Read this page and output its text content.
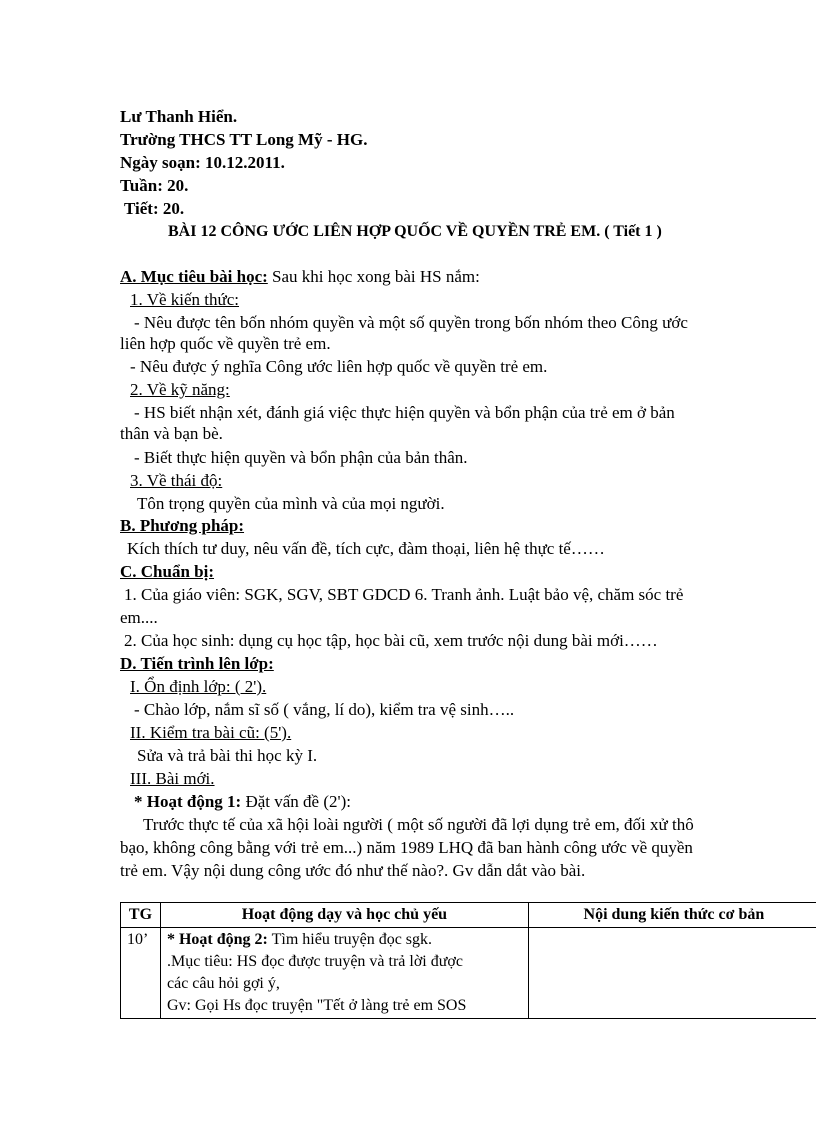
Lư Thanh Hiển.
Trường THCS TT Long Mỹ - HG.
Ngày soạn: 10.12.2011.
Tuần: 20.
Tiết: 20.
BÀI 12 CÔNG ƯỚC LIÊN HỢP QUỐC VỀ QUYỀN TRẺ EM. ( Tiết 1 )
A. Mục tiêu bài học: Sau khi học xong bài HS nắm:
1. Về kiến thức:
- Nêu được tên bốn nhóm quyền và một số quyền trong bốn nhóm theo Công ước
liên hợp quốc về quyền trẻ em.
- Nêu được ý nghĩa Công ước liên hợp quốc về quyền trẻ em.
2. Về kỹ năng:
- HS biết nhận xét, đánh giá việc thực hiện quyền và bổn phận của trẻ em ở bản
thân và bạn bè.
- Biết thực hiện quyền và bổn phận của bản thân.
3. Về thái độ:
Tôn trọng quyền của mình và của mọi người.
B. Phương pháp:
Kích thích tư duy, nêu vấn đề, tích cực, đàm thoại, liên hệ thực tế……
C. Chuẩn bị:
1. Của giáo viên: SGK, SGV, SBT GDCD 6. Tranh ảnh. Luật bảo vệ, chăm sóc trẻ
em....
2. Của học sinh: dụng cụ học tập, học bài cũ, xem trước nội dung bài mới……
D. Tiến trình lên lớp:
I. Ổn định lớp: ( 2').
- Chào lớp, nắm sĩ số ( vắng, lí do), kiểm tra vệ sinh…..
II. Kiểm tra bài cũ: (5').
Sửa và trả bài thi học kỳ I.
III. Bài mới.
* Hoạt động 1: Đặt vấn đề (2'):
Trước thực tế của xã hội loài người ( một số người đã lợi dụng trẻ em, đối xử thô
bạo, không công bằng với trẻ em...) năm 1989 LHQ đã ban hành công ước về quyền
trẻ em. Vậy nội dung công ước đó như thế nào?. Gv dẫn dắt vào bài.
TG	Hoạt động dạy và học chủ yếu	Nội dung kiến thức cơ bản
10’	* Hoạt động 2: Tìm hiểu truyện đọc sgk.
.Mục tiêu: HS đọc được truyện và trả lời được
các câu hỏi gợi ý,
Gv: Gọi Hs đọc truyện "Tết ở làng trẻ em SOS	
